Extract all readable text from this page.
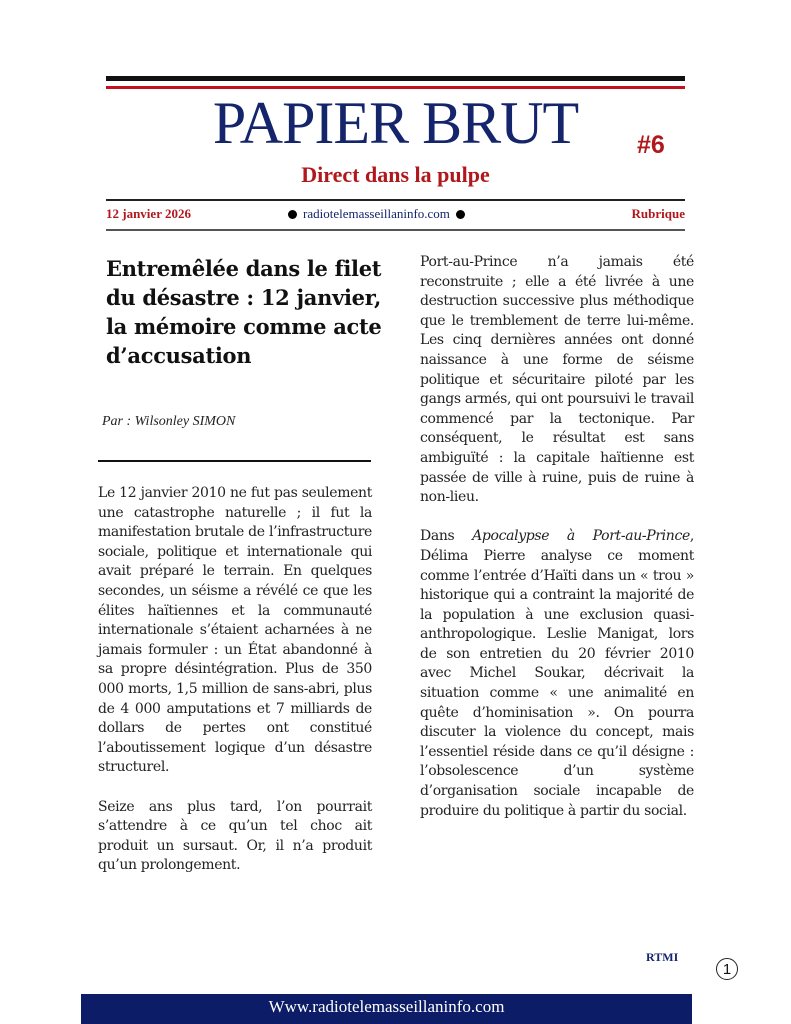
PAPIER BRUT	#6
Direct dans la pulpe
12 janvier 2026	radiotelemasseillaninfo.com	Rubrique
Entremêlée dans le filet du désastre : 12 janvier, la mémoire comme acte d’accusation
Par : Wilsonley SIMON

Le 12 janvier 2010 ne fut pas seulement une catastrophe naturelle ; il fut la manifestation brutale de l’infrastructure sociale, politique et internationale qui avait préparé le terrain. En quelques secondes, un séisme a révélé ce que les élites haïtiennes et la communauté internationale s’étaient acharnées à ne jamais formuler : un État abandonné à sa propre désintégration. Plus de 350 000 morts, 1,5 million de sans-abri, plus de 4 000 amputations et 7 milliards de dollars de pertes ont constitué l’aboutissement logique d’un désastre structurel.

Seize ans plus tard, l’on pourrait s’attendre à ce qu’un tel choc ait produit un sursaut. Or, il n’a produit qu’un prolongement.

Port-au-Prince n’a jamais été reconstruite ; elle a été livrée à une destruction successive plus méthodique que le tremblement de terre lui-même. Les cinq dernières années ont donné naissance à une forme de séisme politique et sécuritaire piloté par les gangs armés, qui ont poursuivi le travail commencé par la tectonique. Par conséquent, le résultat est sans ambiguïté : la capitale haïtienne est passée de ville à ruine, puis de ruine à non-lieu.

Dans Apocalypse à Port-au-Prince, Délima Pierre analyse ce moment comme l’entrée d’Haïti dans un « trou » historique qui a contraint la majorité de la population à une exclusion quasi-anthropologique. Leslie Manigat, lors de son entretien du 20 février 2010 avec Michel Soukar, décrivait la situation comme « une animalité en quête d’hominisation ». On pourra discuter la violence du concept, mais l’essentiel réside dans ce qu’il désigne : l’obsolescence d’un système d’organisation sociale incapable de produire du politique à partir du social.

RTMI
1
Www.radiotelemasseillaninfo.com
